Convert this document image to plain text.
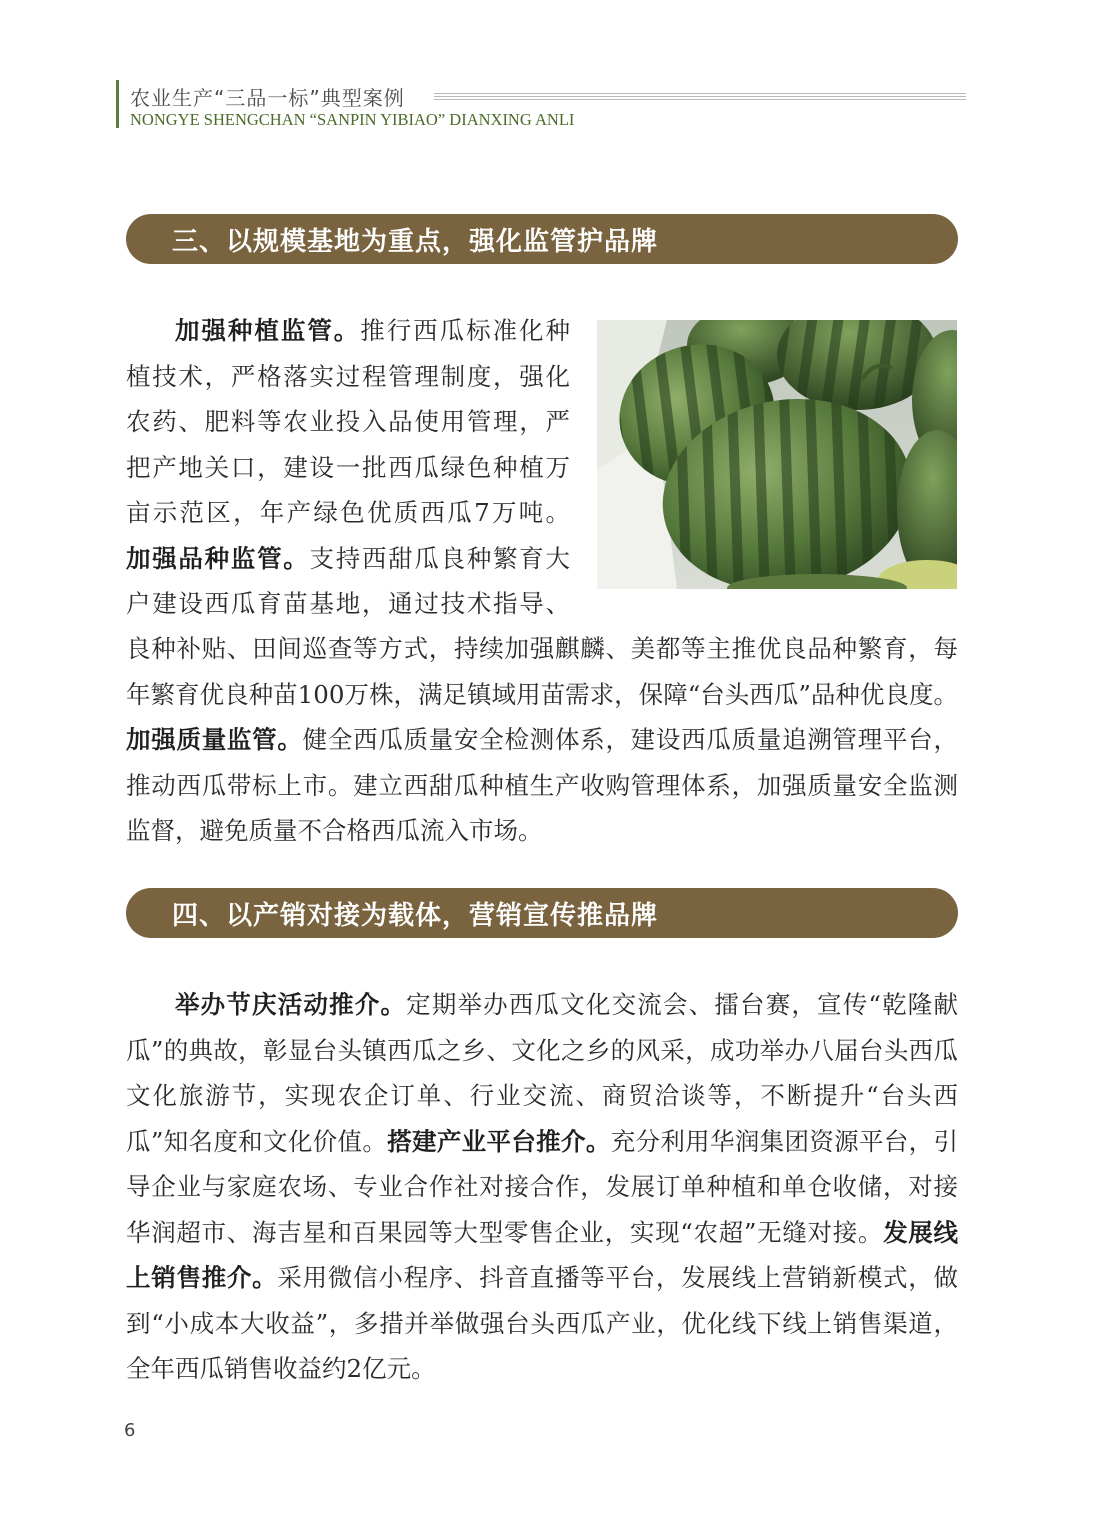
农业生产“三品一标”典型案例
NONGYE SHENGCHAN “SANPIN YIBIAO” DIANXING ANLI
三、以规模基地为重点，强化监管护品牌
加强种植监管。推行西瓜标准化种
植技术，严格落实过程管理制度，强化
农药、肥料等农业投入品使用管理，严
把产地关口，建设一批西瓜绿色种植万
亩示范区，年产绿色优质西瓜7万吨。
加强品种监管。支持西甜瓜良种繁育大
户建设西瓜育苗基地，通过技术指导、
良种补贴、田间巡查等方式，持续加强麒麟、美都等主推优良品种繁育，每年繁育优良种苗100万株，满足镇域用苗需求，保障“台头西瓜”品种优良度。加强质量监管。健全西瓜质量安全检测体系，建设西瓜质量追溯管理平台，推动西瓜带标上市。建立西甜瓜种植生产收购管理体系，加强质量安全监测监督，避免质量不合格西瓜流入市场。
四、以产销对接为载体，营销宣传推品牌
举办节庆活动推介。定期举办西瓜文化交流会、擂台赛，宣传“乾隆献瓜”的典故，彰显台头镇西瓜之乡、文化之乡的风采，成功举办八届台头西瓜文化旅游节，实现农企订单、行业交流、商贸洽谈等，不断提升“台头西瓜”知名度和文化价值。搭建产业平台推介。充分利用华润集团资源平台，引导企业与家庭农场、专业合作社对接合作，发展订单种植和单仓收储，对接华润超市、海吉星和百果园等大型零售企业，实现“农超”无缝对接。发展线上销售推介。采用微信小程序、抖音直播等平台，发展线上营销新模式，做到“小成本大收益”，多措并举做强台头西瓜产业，优化线下线上销售渠道，全年西瓜销售收益约2亿元。
6
